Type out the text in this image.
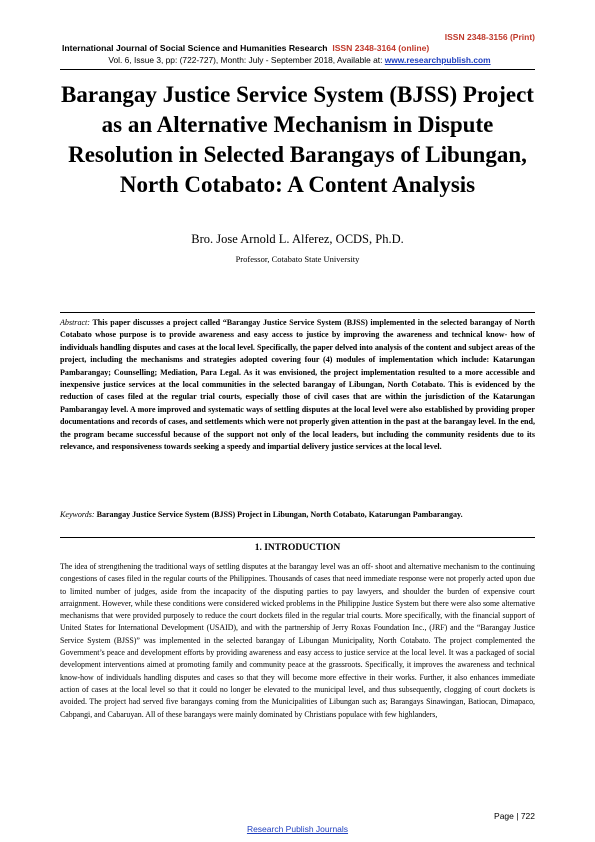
ISSN 2348-3156 (Print)
International Journal of Social Science and Humanities Research ISSN 2348-3164 (online)
Vol. 6, Issue 3, pp: (722-727), Month: July - September 2018, Available at: www.researchpublish.com
Barangay Justice Service System (BJSS) Project as an Alternative Mechanism in Dispute Resolution in Selected Barangays of Libungan, North Cotabato: A Content Analysis
Bro. Jose Arnold L. Alferez, OCDS, Ph.D.
Professor, Cotabato State University

Abstract: This paper discusses a project called “Barangay Justice Service System (BJSS) implemented in the selected barangay of North Cotabato whose purpose is to provide awareness and easy access to justice by improving the awareness and technical know- how of individuals handling disputes and cases at the local level. Specifically, the paper delved into analysis of the content and subject areas of the project, including the mechanisms and strategies adopted covering four (4) modules of implementation which include: Katarungan Pambarangay; Counselling; Mediation, Para Legal. As it was envisioned, the project implementation resulted to a more accessible and inexpensive justice services at the local communities in the selected barangay of Libungan, North Cotabato. This is evidenced by the reduction of cases filed at the regular trial courts, especially those of civil cases that are within the jurisdiction of the Katarungan Pambarangay level. A more improved and systematic ways of settling disputes at the local level were also established by providing proper documentations and records of cases, and settlements which were not properly given attention in the past at the barangay level. In the end, the program became successful because of the support not only of the local leaders, but including the community residents due to its relevance, and responsiveness towards seeking a speedy and impartial delivery justice services at the local level.

Keywords: Barangay Justice Service System (BJSS) Project in Libungan, North Cotabato, Katarungan Pambarangay.

1. INTRODUCTION

The idea of strengthening the traditional ways of settling disputes at the barangay level was an off- shoot and alternative mechanism to the continuing congestions of cases filed in the regular courts of the Philippines. Thousands of cases that need immediate response were not properly acted upon due to limited number of judges, aside from the incapacity of the disputing parties to pay lawyers, and shoulder the burden of expensive court arraignment. However, while these conditions were considered wicked problems in the Philippine Justice System but there were also some alternative mechanisms that were provided purposely to reduce the court dockets filed in the regular trial courts. More specifically, with the financial support of United States for International Development (USAID), and with the partnership of Jerry Roxas Foundation Inc., (JRF) and the “Barangay Justice Service System (BJSS)” was implemented in the selected barangay of Libungan Municipality, North Cotabato. The project complemented the Government’s peace and development efforts by providing awareness and easy access to justice service at the local level. It was a packaged of social development interventions aimed at promoting family and community peace at the grassroots. Specifically, it improves the awareness and technical know-how of individuals handling disputes and cases so that they will become more effective in their works. Further, it also enhances immediate action of cases at the local level so that it could no longer be elevated to the municipal level, and thus subsequently, clogging of court dockets is avoided. The project had served five barangays coming from the Municipalities of Libungan such as; Barangays Sinawingan, Batiocan, Dimapaco, Cabpangi, and Cabaruyan. All of these barangays were mainly dominated by Christians populace with few highlanders,

Page | 722
Research Publish Journals
